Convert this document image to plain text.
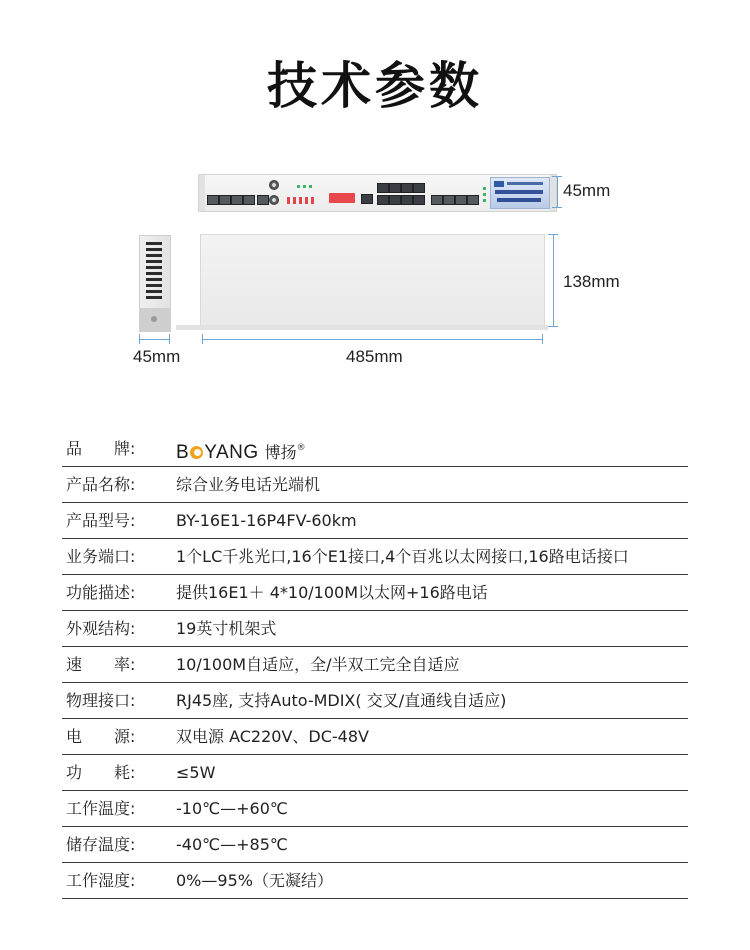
技术参数
45mm
138mm
45mm	485mm
品　　牌:	B YANG 博扬®
产品名称:	综合业务电话光端机
产品型号:	BY-16E1-16P4FV-60km
业务端口:	1个LC千兆光口,16个E1接口,4个百兆以太网接口,16路电话接口
功能描述:	提供16E1＋ 4*10/100M以太网+16路电话
外观结构:	19英寸机架式
速　　率:	10/100M自适应，全/半双工完全自适应
物理接口:	RJ45座, 支持Auto-MDIX( 交叉/直通线自适应)
电　　源:	双电源 AC220V、DC-48V
功　　耗:	≤5W
工作温度:	-10℃—+60℃
储存温度:	-40℃—+85℃
工作湿度:	0%—95%（无凝结）
